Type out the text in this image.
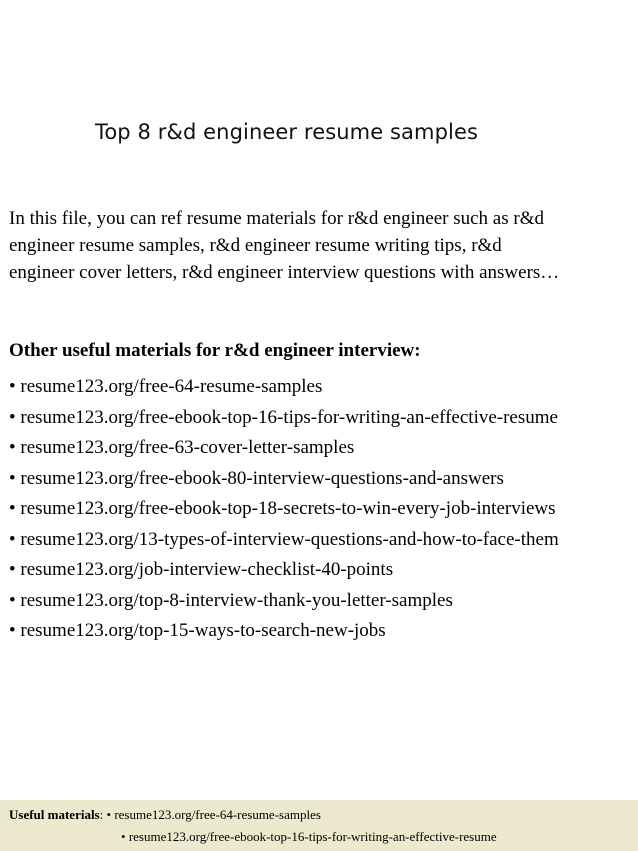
Top 8 r&d engineer resume samples
In this file, you can ref resume materials for r&d engineer such as r&d
engineer resume samples, r&d engineer resume writing tips, r&d
engineer cover letters, r&d engineer interview questions with answers…
Other useful materials for r&d engineer interview:
• resume123.org/free-64-resume-samples
• resume123.org/free-ebook-top-16-tips-for-writing-an-effective-resume
• resume123.org/free-63-cover-letter-samples
• resume123.org/free-ebook-80-interview-questions-and-answers
• resume123.org/free-ebook-top-18-secrets-to-win-every-job-interviews
• resume123.org/13-types-of-interview-questions-and-how-to-face-them
• resume123.org/job-interview-checklist-40-points
• resume123.org/top-8-interview-thank-you-letter-samples
• resume123.org/top-15-ways-to-search-new-jobs
Useful materials: • resume123.org/free-64-resume-samples
• resume123.org/free-ebook-top-16-tips-for-writing-an-effective-resume
